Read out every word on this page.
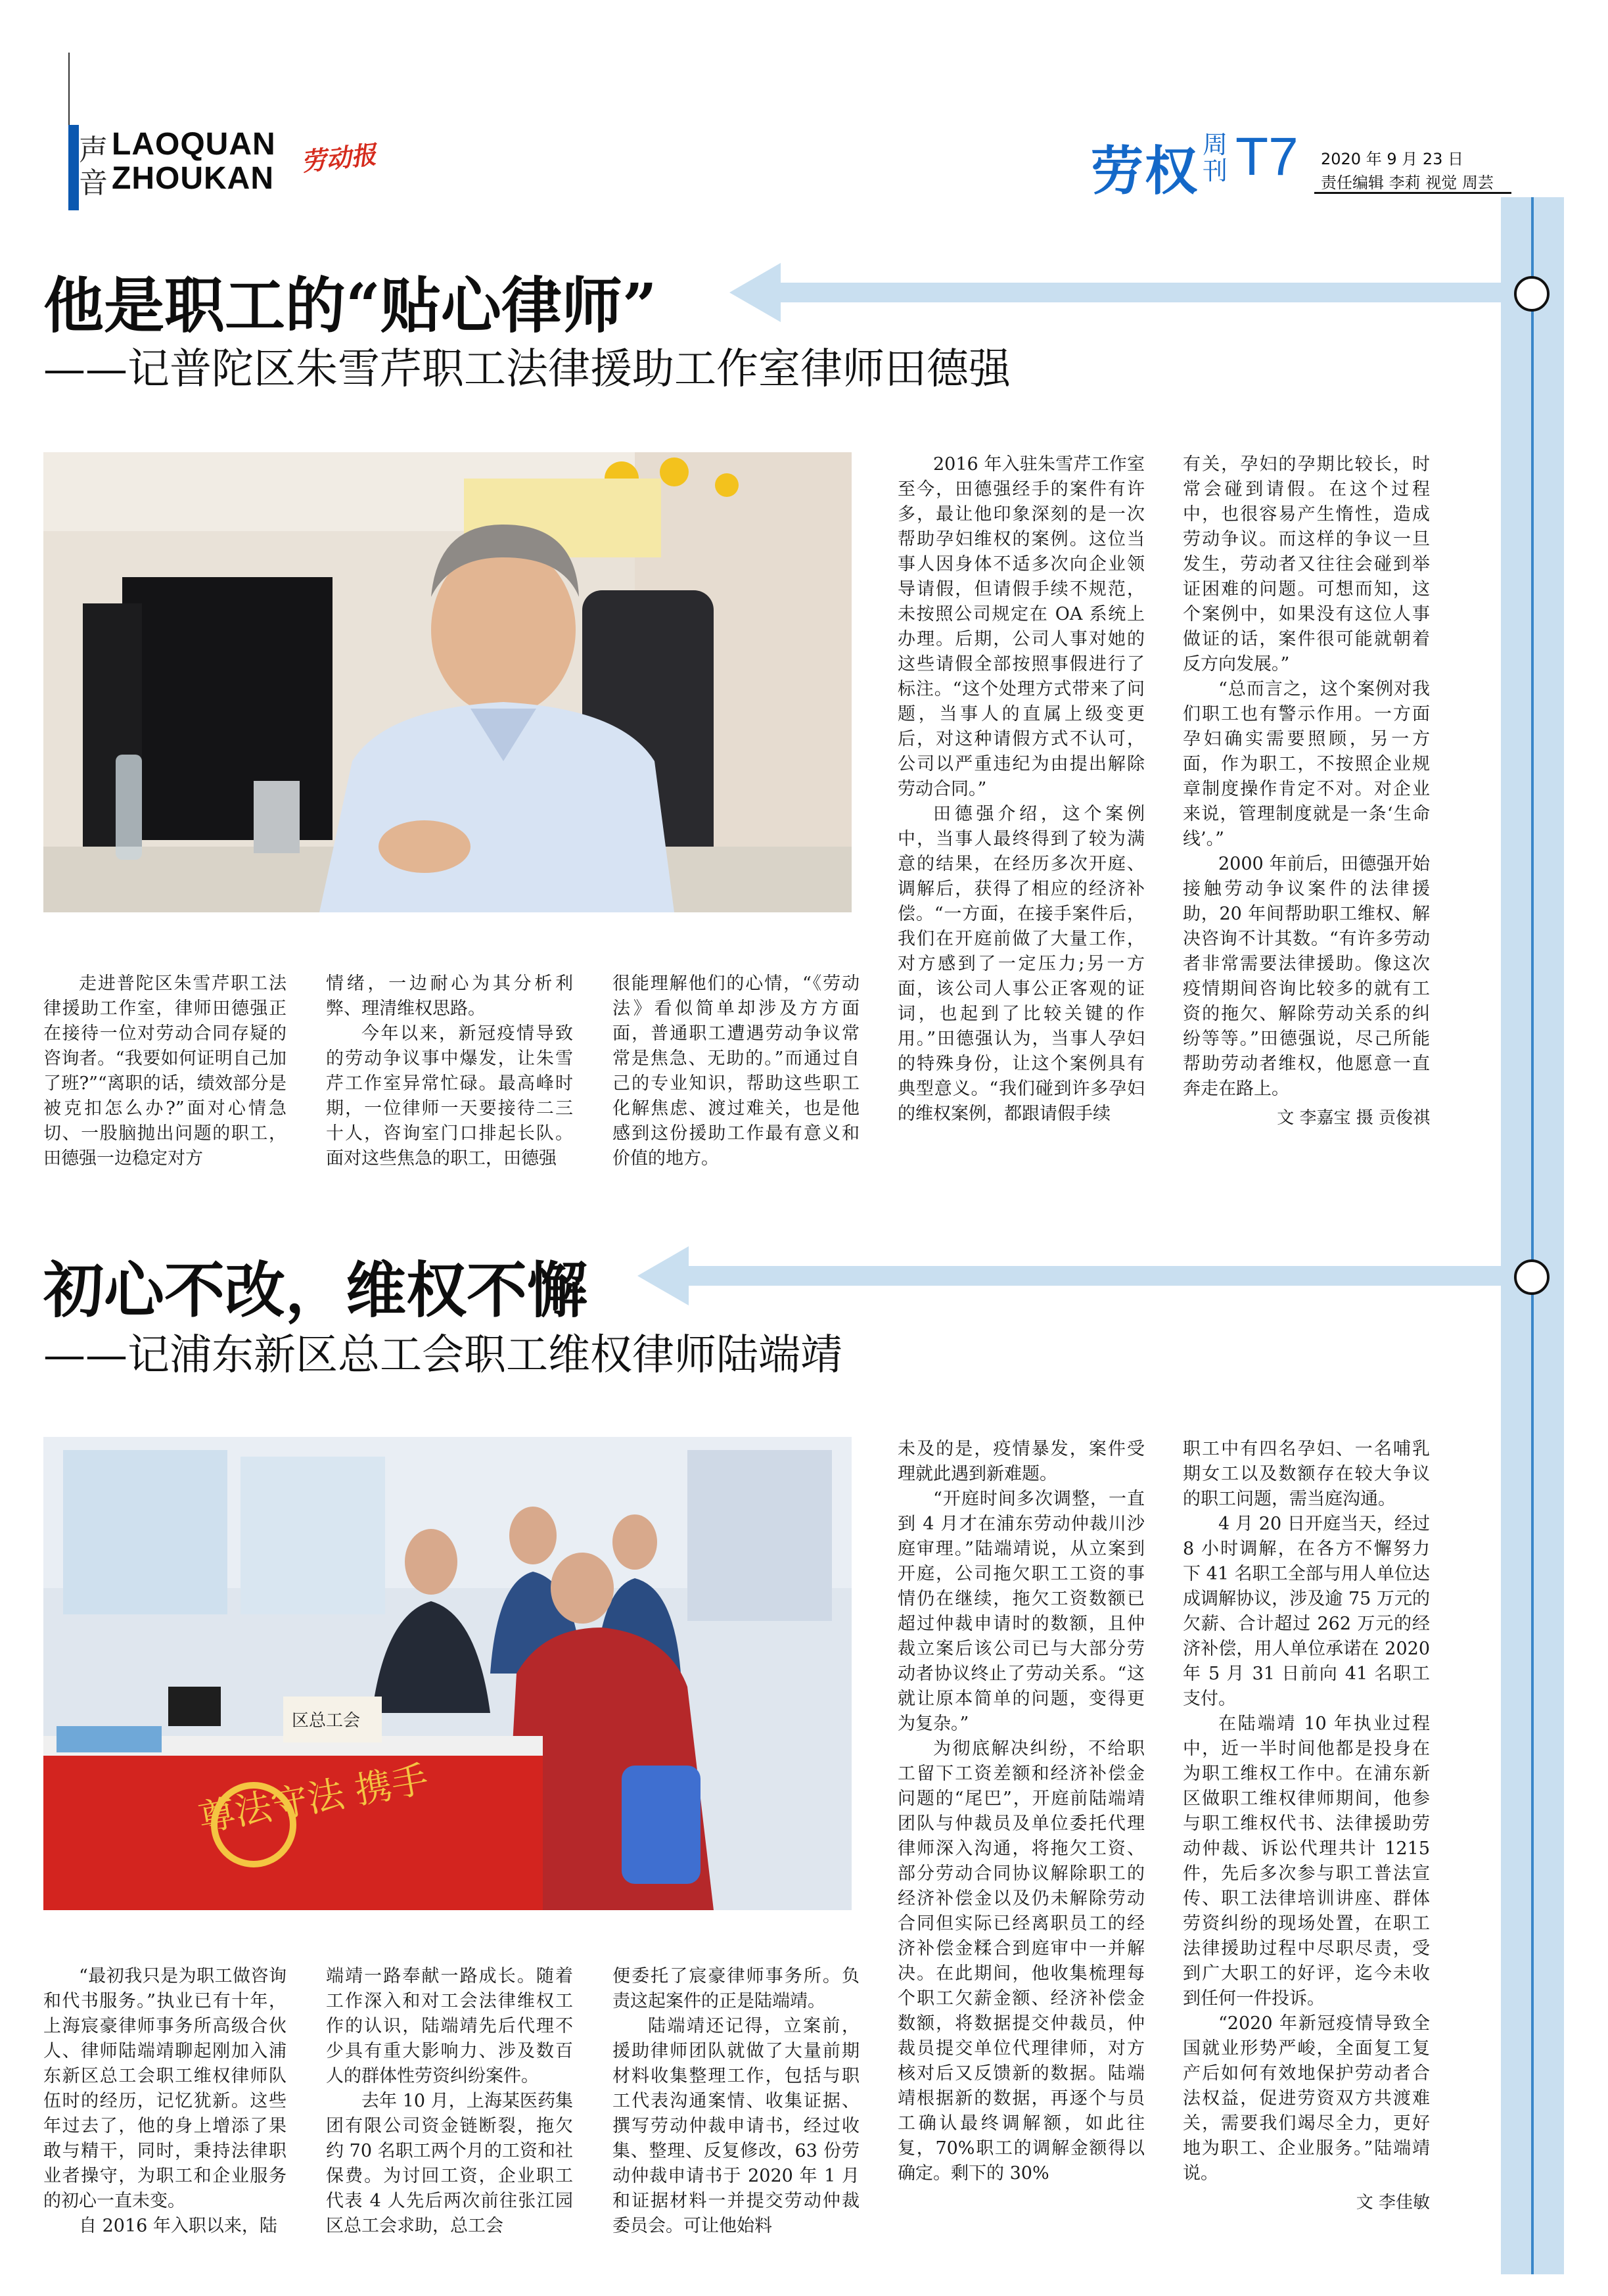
声
音
LAOQUAN
ZHOUKAN
劳动报	劳权 周刊 T7 2020 年 9 月 23 日
责任编辑 李莉 视觉 周芸
他是职工的“贴心律师”
——记普陀区朱雪芹职工法律援助工作室律师田德强

走进普陀区朱雪芹职工法律援助工作室，律师田德强正在接待一位对劳动合同存疑的咨询者。“我要如何证明自己加了班?”“离职的话，绩效部分是被克扣怎么办?”面对心情急切、一股脑抛出问题的职工，田德强一边稳定对方

情绪，一边耐心为其分析利弊、理清维权思路。

今年以来，新冠疫情导致的劳动争议事中爆发，让朱雪芹工作室异常忙碌。最高峰时期，一位律师一天要接待二三十人，咨询室门口排起长队。面对这些焦急的职工，田德强

很能理解他们的心情，“《劳动法》看似简单却涉及方方面面，普通职工遭遇劳动争议常常是焦急、无助的。”而通过自己的专业知识，帮助这些职工化解焦虑、渡过难关，也是他感到这份援助工作最有意义和价值的地方。

2016 年入驻朱雪芹工作室至今，田德强经手的案件有许多，最让他印象深刻的是一次帮助孕妇维权的案例。这位当事人因身体不适多次向企业领导请假，但请假手续不规范，未按照公司规定在 OA 系统上办理。后期，公司人事对她的这些请假全部按照事假进行了标注。“这个处理方式带来了问题，当事人的直属上级变更后，对这种请假方式不认可，公司以严重违纪为由提出解除劳动合同。”

田德强介绍，这个案例中，当事人最终得到了较为满意的结果，在经历多次开庭、调解后，获得了相应的经济补偿。“一方面，在接手案件后，我们在开庭前做了大量工作，对方感到了一定压力;另一方面，该公司人事公正客观的证词，也起到了比较关键的作用。”田德强认为，当事人孕妇的特殊身份，让这个案例具有典型意义。“我们碰到许多孕妇的维权案例，都跟请假手续

有关，孕妇的孕期比较长，时常会碰到请假。在这个过程中，也很容易产生惰性，造成劳动争议。而这样的争议一旦发生，劳动者又往往会碰到举证困难的问题。可想而知，这个案例中，如果没有这位人事做证的话，案件很可能就朝着反方向发展。”

“总而言之，这个案例对我们职工也有警示作用。一方面孕妇确实需要照顾，另一方面，作为职工，不按照企业规章制度操作肯定不对。对企业来说，管理制度就是一条‘生命线’。”

2000 年前后，田德强开始接触劳动争议案件的法律援助，20 年间帮助职工维权、解决咨询不计其数。“有许多劳动者非常需要法律援助。像这次疫情期间咨询比较多的就有工资的拖欠、解除劳动关系的纠纷等等。”田德强说，尽己所能帮助劳动者维权，他愿意一直奔走在路上。

文 李嘉宝 摄 贡俊祺
初心不改，维权不懈
——记浦东新区总工会职工维权律师陆端靖
尊法守法 携手
区总工会

“最初我只是为职工做咨询和代书服务。”执业已有十年，上海宸豪律师事务所高级合伙人、律师陆端靖聊起刚加入浦东新区总工会职工维权律师队伍时的经历，记忆犹新。这些年过去了，他的身上增添了果敢与精干，同时，秉持法律职业者操守，为职工和企业服务的初心一直未变。

自 2016 年入职以来，陆

端靖一路奉献一路成长。随着工作深入和对工会法律维权工作的认识，陆端靖先后代理不少具有重大影响力、涉及数百人的群体性劳资纠纷案件。

去年 10 月，上海某医药集团有限公司资金链断裂，拖欠约 70 名职工两个月的工资和社保费。为讨回工资，企业职工代表 4 人先后两次前往张江园区总工会求助，总工会

便委托了宸豪律师事务所。负责这起案件的正是陆端靖。

陆端靖还记得，立案前，援助律师团队就做了大量前期材料收集整理工作，包括与职工代表沟通案情、收集证据、撰写劳动仲裁申请书，经过收集、整理、反复修改，63 份劳动仲裁申请书于 2020 年 1 月和证据材料一并提交劳动仲裁委员会。可让他始料

未及的是，疫情暴发，案件受理就此遇到新难题。

“开庭时间多次调整，一直到 4 月才在浦东劳动仲裁川沙庭审理。”陆端靖说，从立案到开庭，公司拖欠职工工资的事情仍在继续，拖欠工资数额已超过仲裁申请时的数额，且仲裁立案后该公司已与大部分劳动者协议终止了劳动关系。“这就让原本简单的问题，变得更为复杂。”

为彻底解决纠纷，不给职工留下工资差额和经济补偿金问题的“尾巴”，开庭前陆端靖团队与仲裁员及单位委托代理律师深入沟通，将拖欠工资、部分劳动合同协议解除职工的经济补偿金以及仍未解除劳动合同但实际已经离职员工的经济补偿金糅合到庭审中一并解决。在此期间，他收集梳理每个职工欠薪金额、经济补偿金数额，将数据提交仲裁员，仲裁员提交单位代理律师，对方核对后又反馈新的数据。陆端靖根据新的数据，再逐个与员工确认最终调解额，如此往复，70%职工的调解金额得以确定。剩下的 30%

职工中有四名孕妇、一名哺乳期女工以及数额存在较大争议的职工问题，需当庭沟通。

4 月 20 日开庭当天，经过 8 小时调解，在各方不懈努力下 41 名职工全部与用人单位达成调解协议，涉及逾 75 万元的欠薪、合计超过 262 万元的经济补偿，用人单位承诺在 2020 年 5 月 31 日前向 41 名职工支付。

在陆端靖 10 年执业过程中，近一半时间他都是投身在为职工维权工作中。在浦东新区做职工维权律师期间，他参与职工维权代书、法律援助劳动仲裁、诉讼代理共计 1215 件，先后多次参与职工普法宣传、职工法律培训讲座、群体劳资纠纷的现场处置，在职工法律援助过程中尽职尽责，受到广大职工的好评，迄今未收到任何一件投诉。

“2020 年新冠疫情导致全国就业形势严峻，全面复工复产后如何有效地保护劳动者合法权益，促进劳资双方共渡难关，需要我们竭尽全力，更好地为职工、企业服务。”陆端靖说。

文 李佳敏
